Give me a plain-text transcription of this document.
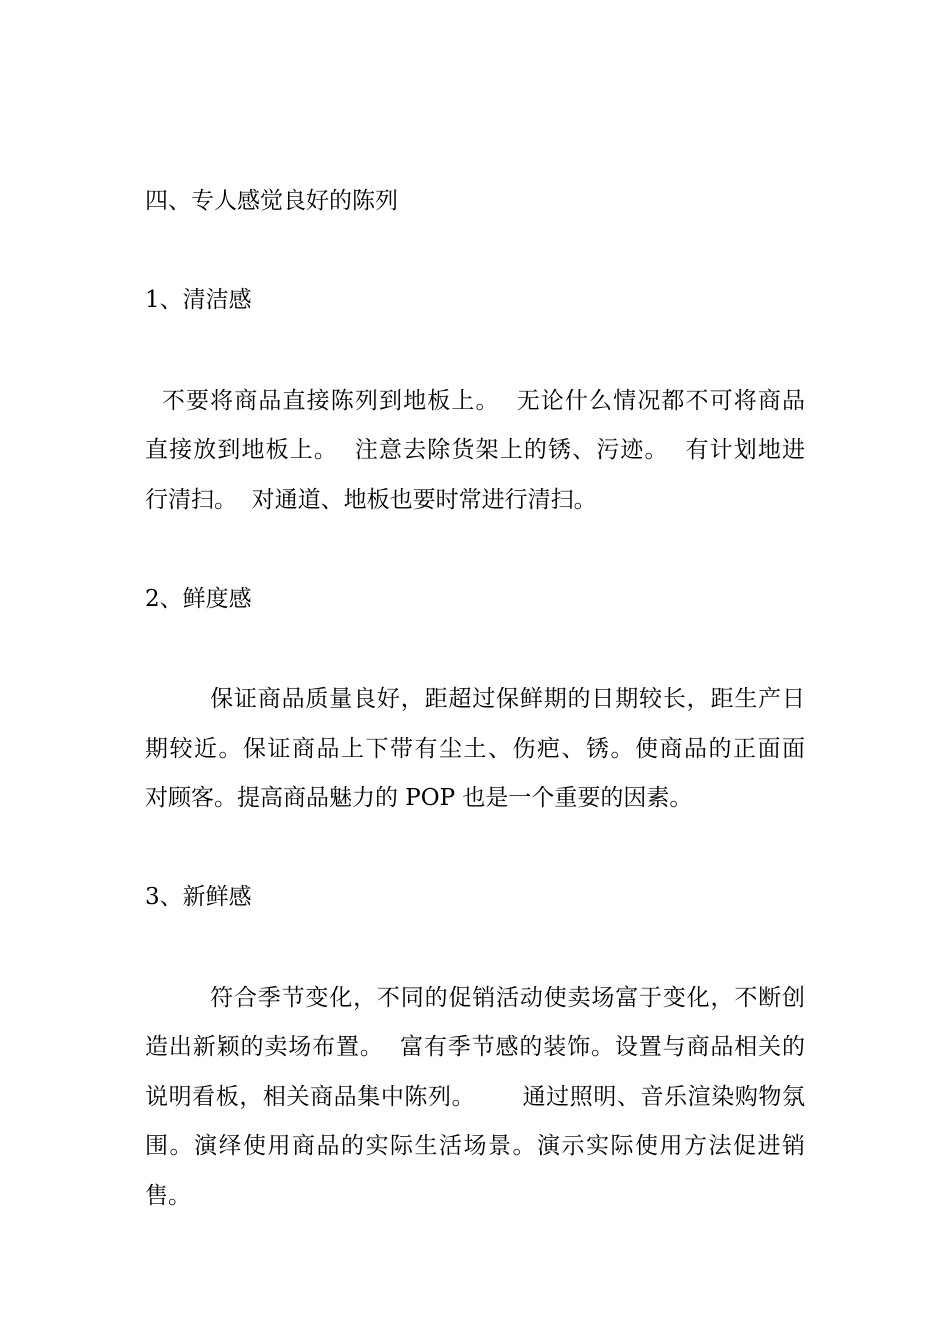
四、专人感觉良好的陈列

1、清洁感

不要将商品直接陈列到地板上。  无论什么情况都不可将商品

直接放到地板上。  注意去除货架上的锈、污迹。  有计划地进

行清扫。  对通道、地板也要时常进行清扫。

2、鲜度感

保证商品质量良好，距超过保鲜期的日期较长，距生产日

期较近。保证商品上下带有尘土、伤疤、锈。使商品的正面面

对顾客。提高商品魅力的 POP 也是一个重要的因素。

3、新鲜感

符合季节变化，不同的促销活动使卖场富于变化，不断创

造出新颖的卖场布置。  富有季节感的装饰。设置与商品相关的

说明看板，相关商品集中陈列。      通过照明、音乐渲染购物氛

围。演绎使用商品的实际生活场景。演示实际使用方法促进销

售。
